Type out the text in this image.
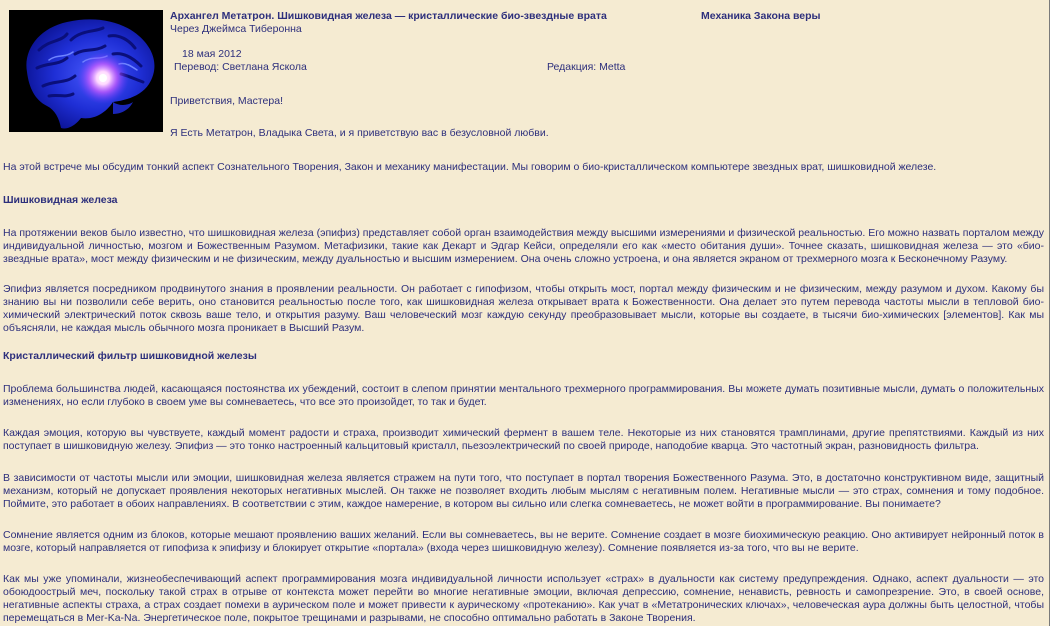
Архангел Метатрон. Шишковидная железа — кристаллические био-звездные врата	Механика Закона веры
Через Джеймса Тиберонна
18 мая 2012
Перевод: Светлана Яскола	Редакция: Metta
Приветствия, Мастера!
Я Есть Метатрон, Владыка Света, и я приветствую вас в безусловной любви.

На этой встрече мы обсудим тонкий аспект Сознательного Творения, Закон и механику манифестации. Мы говорим о био-кристаллическом компьютере звездных врат, шишковидной железе.

Шишковидная железа

На протяжении веков было известно, что шишковидная железа (эпифиз) представляет собой орган взаимодействия между высшими измерениями и физической реальностью. Его можно назвать порталом между индивидуальной личностью, мозгом и Божественным Разумом. Метафизики, такие как Декарт и Эдгар Кейси, определяли его как «место обитания души». Точнее сказать, шишковидная железа — это «био-звездные врата», мост между физическим и не физическим, между дуальностью и высшим измерением. Она очень сложно устроена, и она является экраном от трехмерного мозга к Бесконечному Разуму.

Эпифиз является посредником продвинутого знания в проявлении реальности. Он работает с гипофизом, чтобы открыть мост, портал между физическим и не физическим, между разумом и духом. Какому бы знанию вы ни позволили себе верить, оно становится реальностью после того, как шишковидная железа открывает врата к Божественности. Она делает это путем перевода частоты мысли в тепловой био-химический электрический поток сквозь ваше тело, и открытия разуму. Ваш человеческий мозг каждую секунду преобразовывает мысли, которые вы создаете, в тысячи био-химических [элементов]. Как мы объясняли, не каждая мысль обычного мозга проникает в Высший Разум.

Кристаллический фильтр шишковидной железы

Проблема большинства людей, касающаяся постоянства их убеждений, состоит в слепом принятии ментального трехмерного программирования. Вы можете думать позитивные мысли, думать о положительных изменениях, но если глубоко в своем уме вы сомневаетесь, что все это произойдет, то так и будет.

Каждая эмоция, которую вы чувствуете, каждый момент радости и страха, производит химический фермент в вашем теле. Некоторые из них становятся трамплинами, другие препятствиями. Каждый из них поступает в шишковидную железу. Эпифиз — это тонко настроенный кальцитовый кристалл, пьезоэлектрический по своей природе, наподобие кварца. Это частотный экран, разновидность фильтра.

В зависимости от частоты мысли или эмоции, шишковидная железа является стражем на пути того, что поступает в портал творения Божественного Разума. Это, в достаточно конструктивном виде, защитный механизм, который не допускает проявления некоторых негативных мыслей. Он также не позволяет входить любым мыслям с негативным полем. Негативные мысли — это страх, сомнения и тому подобное. Поймите, это работает в обоих направлениях. В соответствии с этим, каждое намерение, в котором вы сильно или слегка сомневаетесь, не может войти в программирование. Вы понимаете?

Сомнение является одним из блоков, которые мешают проявлению ваших желаний. Если вы сомневаетесь, вы не верите. Сомнение создает в мозге биохимическую реакцию. Оно активирует нейронный поток в мозге, который направляется от гипофиза к эпифизу и блокирует открытие «портала» (входа через шишковидную железу). Сомнение появляется из-за того, что вы не верите.

Как мы уже упоминали, жизнеобеспечивающий аспект программирования мозга индивидуальной личности использует «страх» в дуальности как систему предупреждения. Однако, аспект дуальности — это обоюдоострый меч, поскольку такой страх в отрыве от контекста может перейти во многие негативные эмоции, включая депрессию, сомнение, ненависть, ревность и самопрезрение. Это, в своей основе, негативные аспекты страха, а страх создает помехи в аурическом поле и может привести к аурическому «протеканию». Как учат в «Метатронических ключах», человеческая аура должны быть целостной, чтобы перемещаться в Mer-Ka-Na. Энергетическое поле, покрытое трещинами и разрывами, не способно оптимально работать в Законе Творения.
